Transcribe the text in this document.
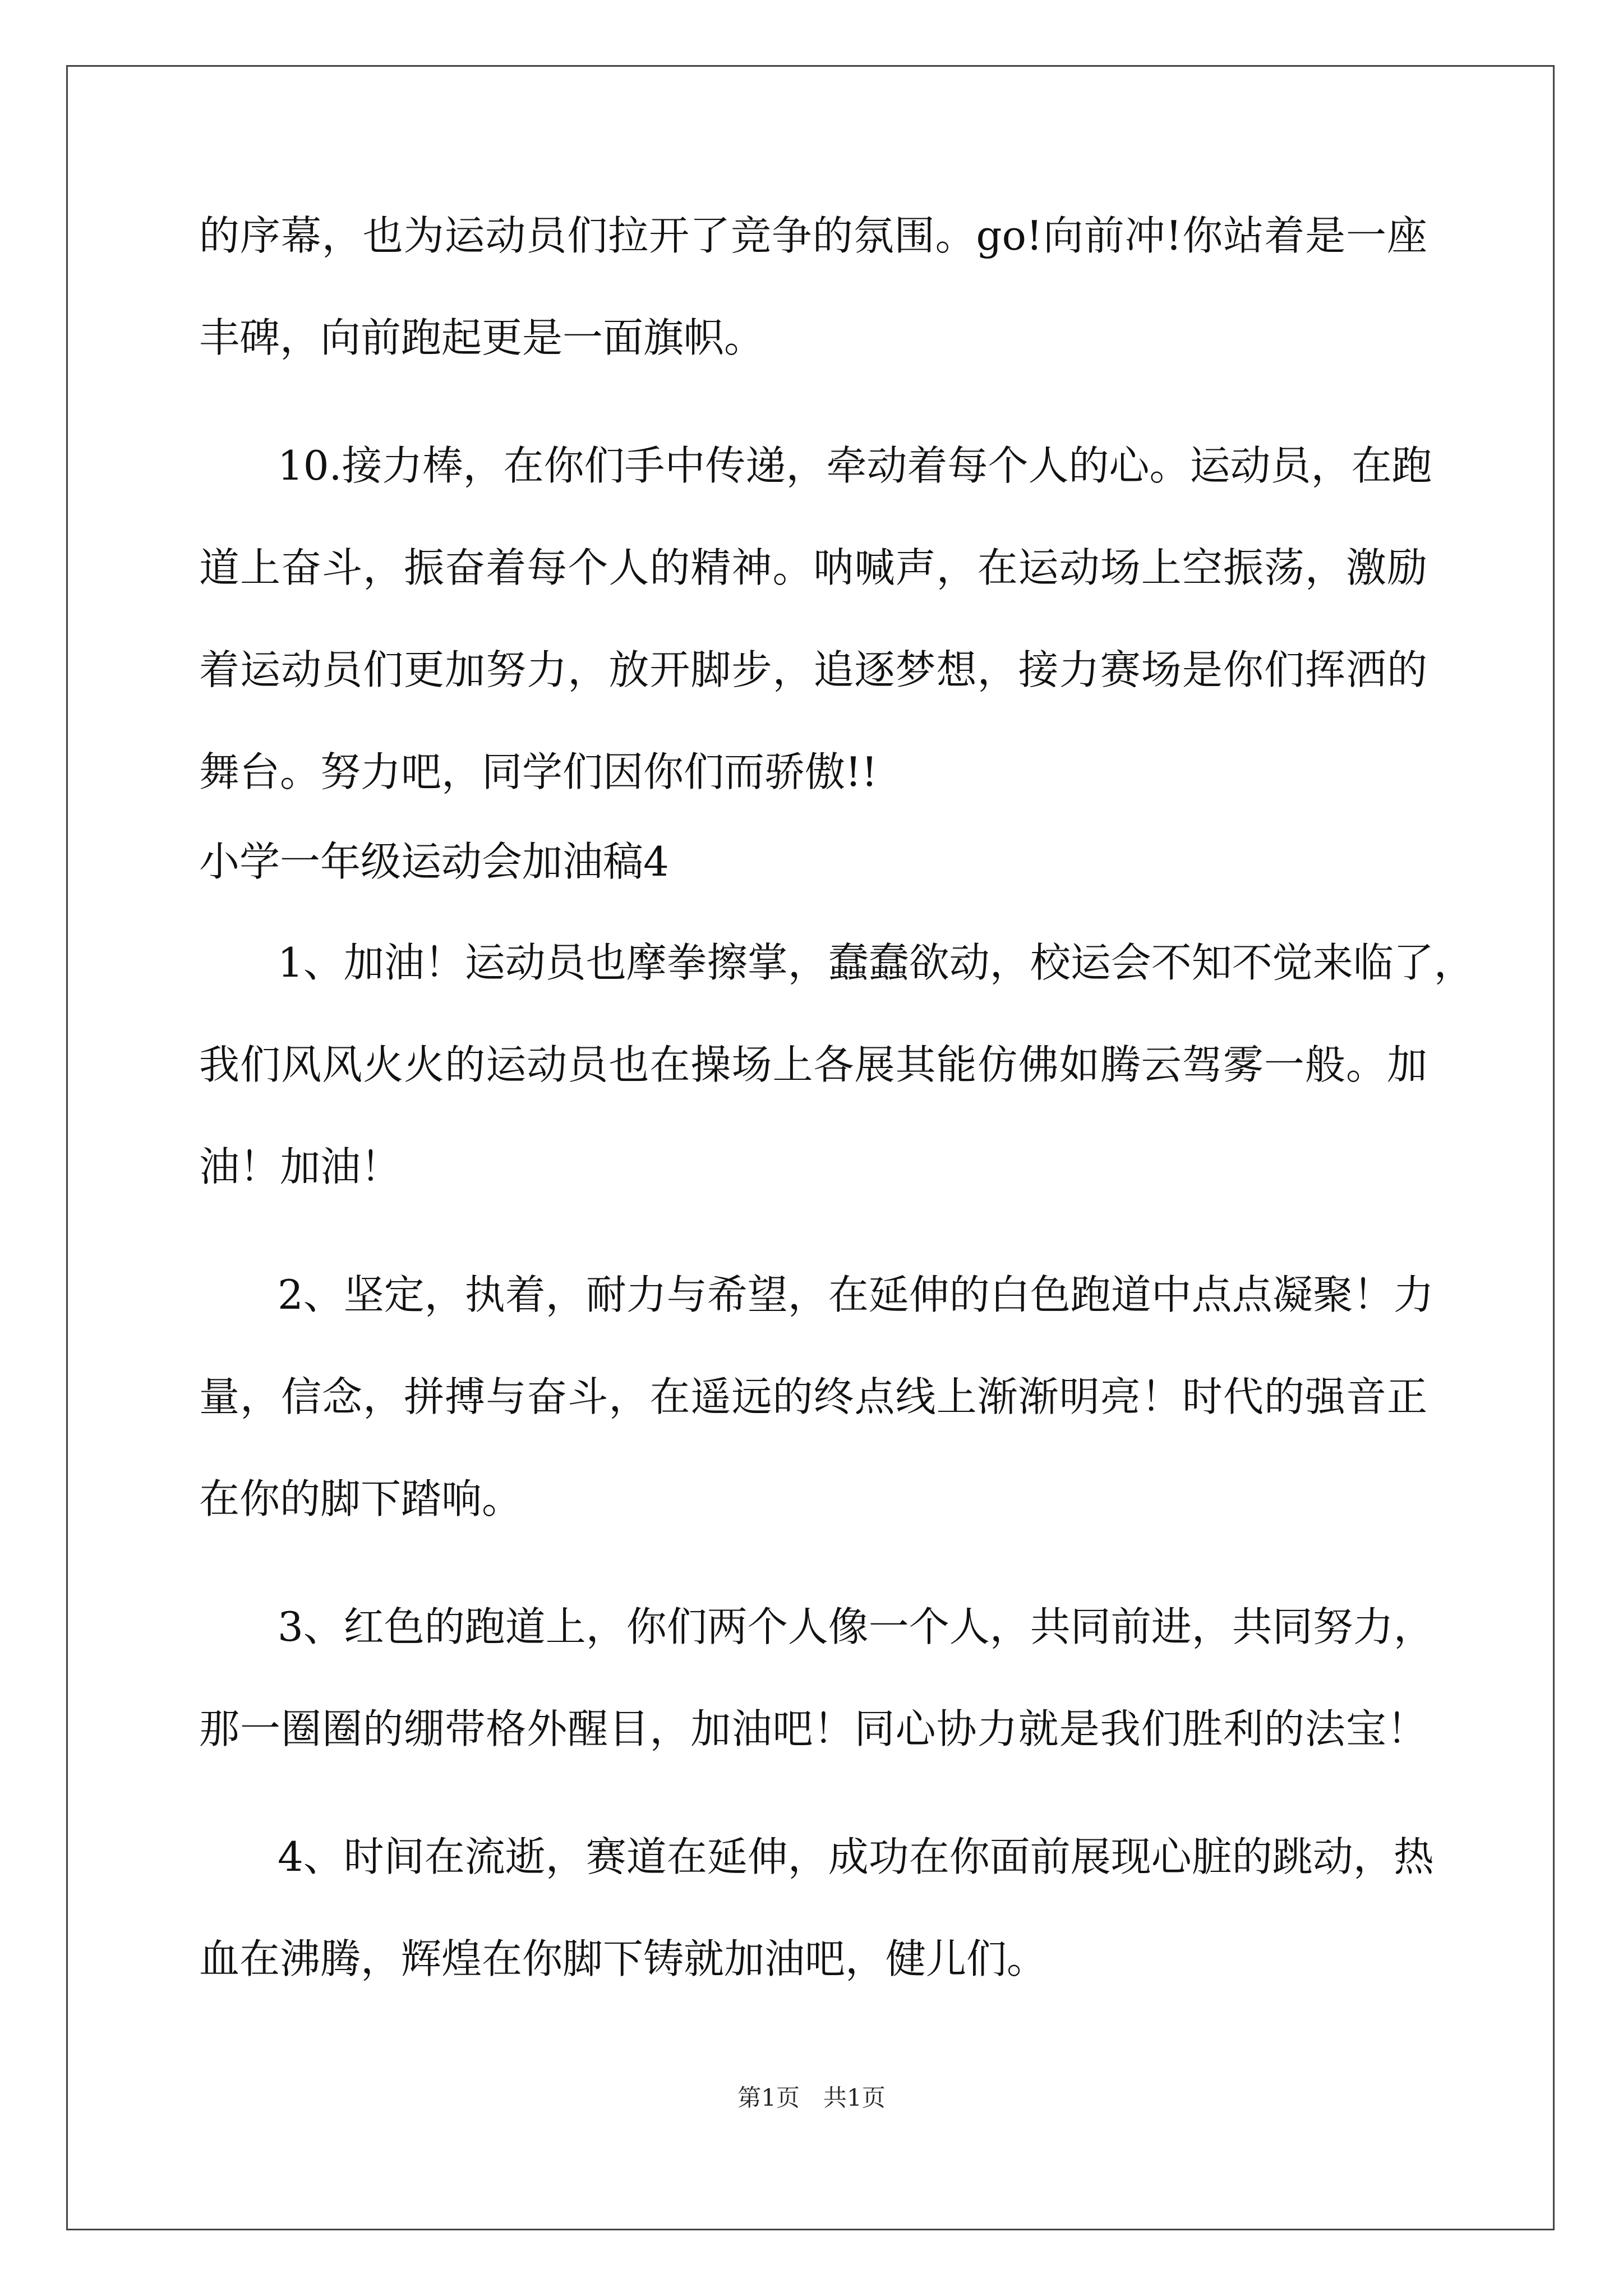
的序幕，也为运动员们拉开了竞争的氛围。go!向前冲!你站着是一座
丰碑，向前跑起更是一面旗帜。
10.接力棒，在你们手中传递，牵动着每个人的心。运动员，在跑
道上奋斗，振奋着每个人的精神。呐喊声，在运动场上空振荡，激励
着运动员们更加努力，放开脚步，追逐梦想，接力赛场是你们挥洒的
舞台。努力吧，同学们因你们而骄傲!!
小学一年级运动会加油稿4
1、加油！运动员也摩拳擦掌，蠢蠢欲动，校运会不知不觉来临了，
我们风风火火的运动员也在操场上各展其能仿佛如腾云驾雾一般。加
油！加油！
2、坚定，执着，耐力与希望，在延伸的白色跑道中点点凝聚！力
量，信念，拼搏与奋斗，在遥远的终点线上渐渐明亮！时代的强音正
在你的脚下踏响。
3、红色的跑道上，你们两个人像一个人，共同前进，共同努力，
那一圈圈的绷带格外醒目，加油吧！同心协力就是我们胜利的法宝！
4、时间在流逝，赛道在延伸，成功在你面前展现心脏的跳动，热
血在沸腾，辉煌在你脚下铸就加油吧，健儿们。
第1页　共1页
